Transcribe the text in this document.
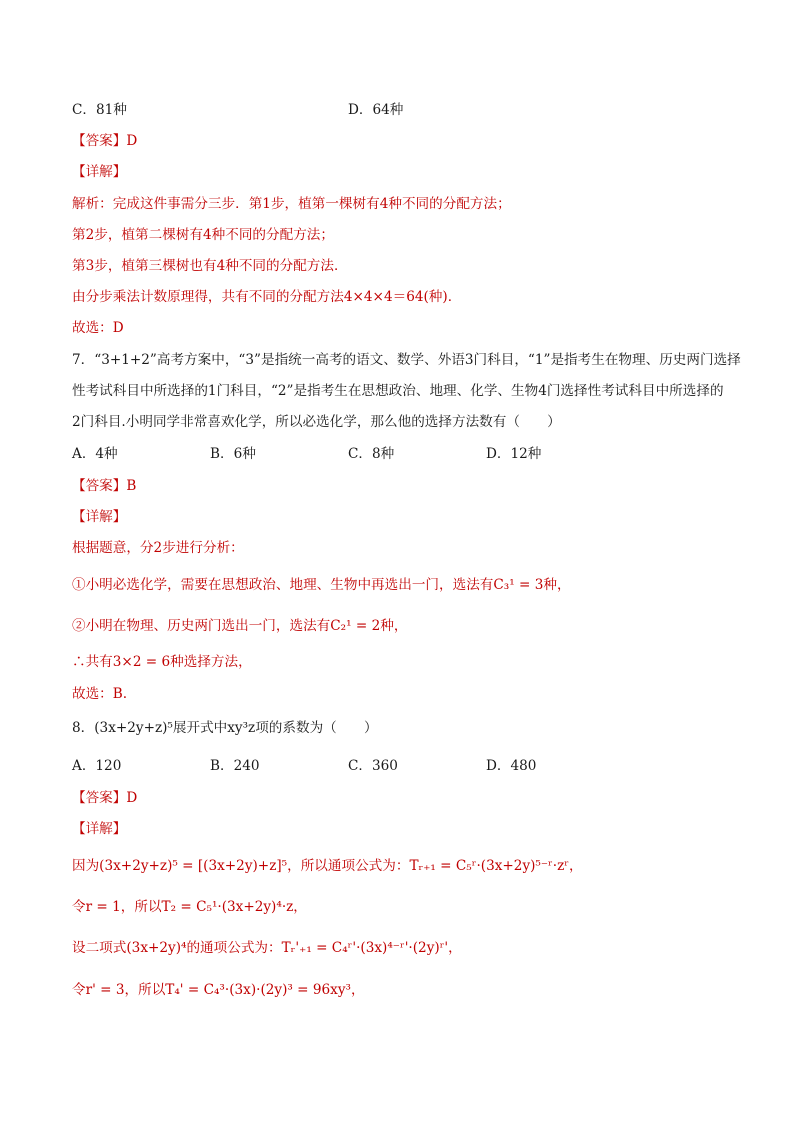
C．81种	D．64种
【答案】D
【详解】
解析：完成这件事需分三步．第1步，植第一棵树有4种不同的分配方法；
第2步，植第二棵树有4种不同的分配方法；
第3步，植第三棵树也有4种不同的分配方法．
由分步乘法计数原理得，共有不同的分配方法4×4×4＝64(种)．
故选：D
7．“3+1+2”高考方案中，“3”是指统一高考的语文、数学、外语3门科目，“1”是指考生在物理、历史两门选择
性考试科目中所选择的1门科目，“2”是指考生在思想政治、地理、化学、生物4门选择性考试科目中所选择的
2门科目.小明同学非常喜欢化学，所以必选化学，那么他的选择方法数有（　　）
A．4种	B．6种	C．8种	D．12种
【答案】B
【详解】
根据题意，分2步进行分析：
①小明必选化学，需要在思想政治、地理、生物中再选出一门，选法有C₃¹ = 3种，
②小明在物理、历史两门选出一门，选法有C₂¹ = 2种，
∴共有3×2 = 6种选择方法，
故选：B.
8．(3x+2y+z)⁵展开式中xy³z项的系数为（　　）
A．120	B．240	C．360	D．480
【答案】D
【详解】
因为(3x+2y+z)⁵ = [(3x+2y)+z]⁵，所以通项公式为：Tᵣ₊₁ = C₅ʳ·(3x+2y)⁵⁻ʳ·zʳ，
令r = 1，所以T₂ = C₅¹·(3x+2y)⁴·z，
设二项式(3x+2y)⁴的通项公式为：Tᵣ'₊₁ = C₄ʳ'·(3x)⁴⁻ʳ'·(2y)ʳ'，
令r' = 3，所以T₄' = C₄³·(3x)·(2y)³ = 96xy³，
